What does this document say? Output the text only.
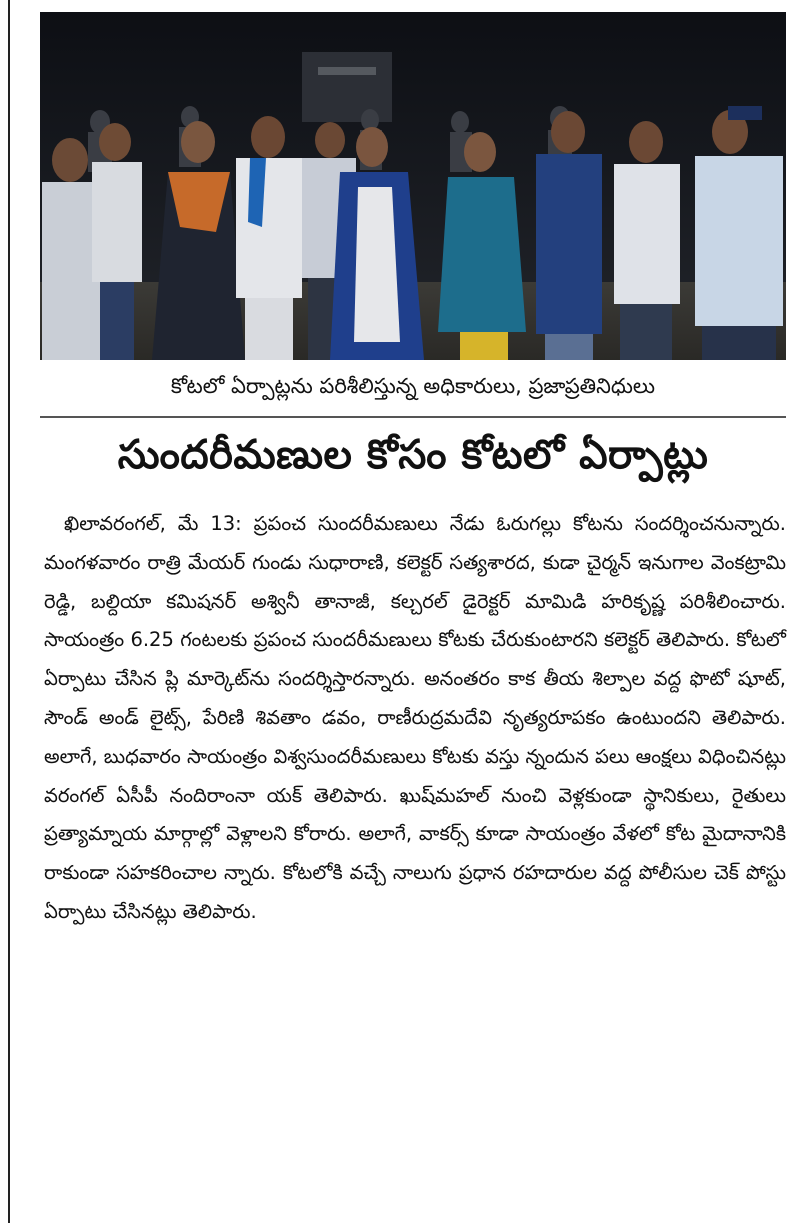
కోటలో ఏర్పాట్లను పరిశీలిస్తున్న అధికారులు, ప్రజాప్రతినిధులు
సుందరీమణుల కోసం కోటలో ఏర్పాట్లు
ఖిలావరంగల్, మే 13: ప్రపంచ సుందరీమణులు నేడు ఓరుగల్లు కోటను సందర్శించనున్నారు. మంగళవారం రాత్రి మేయర్ గుండు సుధారాణి, కలెక్టర్ సత్యశారద, కుడా చైర్మన్ ఇనుగాల వెంకట్రామి రెడ్డి, బల్దియా కమిషనర్ అశ్వినీ తానాజీ, కల్చరల్ డైరెక్టర్ మామిడి హరికృష్ణ పరిశీలించారు. సాయంత్రం 6.25 గంటలకు ప్రపంచ సుందరీమణులు కోటకు చేరుకుంటారని కలెక్టర్ తెలిపారు. కోటలో ఏర్పాటు చేసిన ప్లి మార్కెట్‌ను సందర్శిస్తారన్నారు. అనంతరం కాక తీయ శిల్పాల వద్ద ఫొటో షూట్, సౌండ్ అండ్ లైట్స్, పేరిణి శివతాం డవం, రాణీరుద్రమదేవి నృత్యరూపకం ఉంటుందని తెలిపారు. అలాగే, బుధవారం సాయంత్రం విశ్వసుందరీమణులు కోటకు వస్తు న్నందున పలు ఆంక్షలు విధించినట్లు వరంగల్ ఏసీపీ నందిరాంనా యక్ తెలిపారు. ఖుష్‌మహల్ నుంచి వెళ్లకుండా స్థానికులు, రైతులు ప్రత్యామ్నాయ మార్గాల్లో వెళ్లాలని కోరారు. అలాగే, వాకర్స్ కూడా సాయంత్రం వేళలో కోట మైదానానికి రాకుండా సహకరించాల న్నారు. కోటలోకి వచ్చే నాలుగు ప్రధాన రహదారుల వద్ద పోలీసుల చెక్ పోస్టు ఏర్పాటు చేసినట్లు తెలిపారు.
